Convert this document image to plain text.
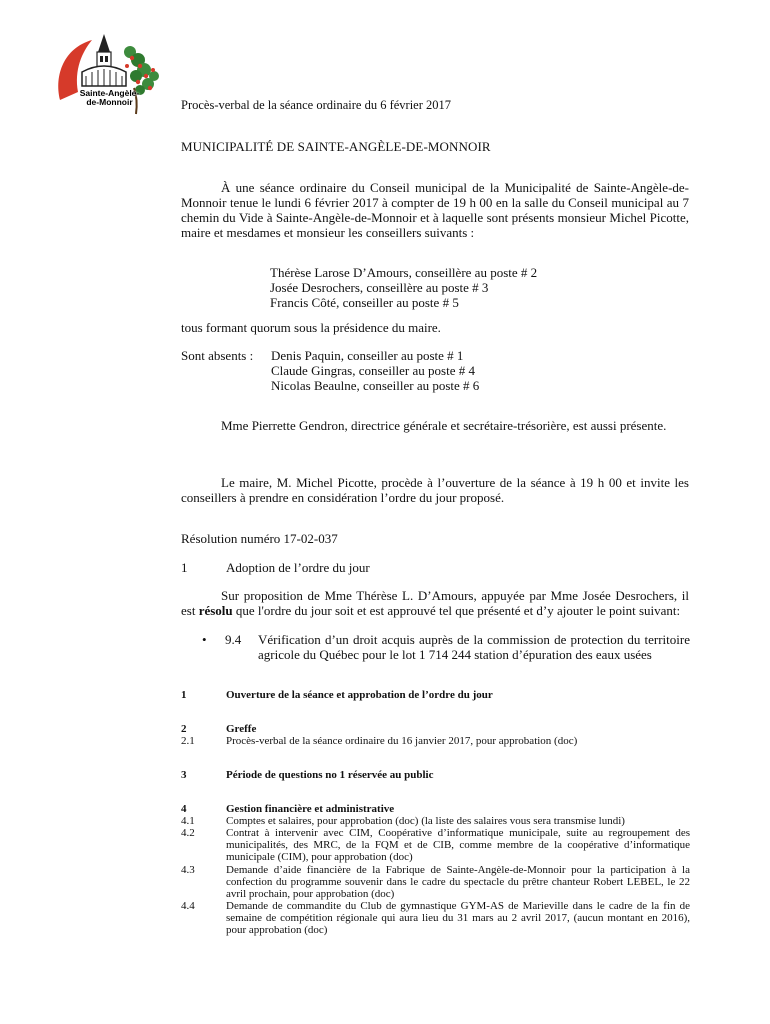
Sainte-Angèle-
de-Monnoir	Procès-verbal de la séance ordinaire du 6 février 2017
MUNICIPALITÉ DE SAINTE-ANGÈLE-DE-MONNOIR
À une séance ordinaire du Conseil municipal de la Municipalité de Sainte-Angèle-de-Monnoir tenue le lundi 6 février 2017 à compter de 19 h 00 en la salle du Conseil municipal au 7 chemin du Vide à Sainte-Angèle-de-Monnoir et à laquelle sont présents monsieur Michel Picotte, maire et mesdames et monsieur les conseillers suivants :
Thérèse Larose D’Amours, conseillère au poste # 2
Josée Desrochers, conseillère au poste # 3
Francis Côté, conseiller au poste # 5
tous formant quorum sous la présidence du maire.
Sont absents : Denis Paquin, conseiller au poste # 1
Claude Gingras, conseiller au poste # 4
Nicolas Beaulne, conseiller au poste # 6
Mme Pierrette Gendron, directrice générale et secrétaire-trésorière, est aussi présente.
Le maire, M. Michel Picotte, procède à l’ouverture de la séance à 19 h 00 et invite les conseillers à prendre en considération l’ordre du jour proposé.
Résolution numéro 17-02-037
1	Adoption de l’ordre du jour
Sur proposition de Mme Thérèse L. D’Amours, appuyée par Mme Josée Desrochers, il est résolu que l'ordre du jour soit et est approuvé tel que présenté et d’y ajouter le point suivant:
• 9.4 Vérification d’un droit acquis auprès de la commission de protection du territoire agricole du Québec pour le lot 1 714 244 station d’épuration des eaux usées
1	Ouverture de la séance et approbation de l’ordre du jour
2	Greffe
2.1	Procès-verbal de la séance ordinaire du 16 janvier 2017, pour approbation (doc)
3	Période de questions no 1 réservée au public
4	Gestion financière et administrative
4.1	Comptes et salaires, pour approbation (doc) (la liste des salaires vous sera transmise lundi)
4.2	Contrat à intervenir avec CIM, Coopérative d’informatique municipale, suite au regroupement des municipalités, des MRC, de la FQM et de CIB, comme membre de la coopérative d’informatique municipale (CIM), pour approbation (doc)
4.3	Demande d’aide financière de la Fabrique de Sainte-Angèle-de-Monnoir pour la participation à la confection du programme souvenir dans le cadre du spectacle du prêtre chanteur Robert LEBEL, le 22 avril prochain, pour approbation (doc)
4.4	Demande de commandite du Club de gymnastique GYM-AS de Marieville dans le cadre de la fin de semaine de compétition régionale qui aura lieu du 31 mars au 2 avril 2017, (aucun montant en 2016), pour approbation (doc)
